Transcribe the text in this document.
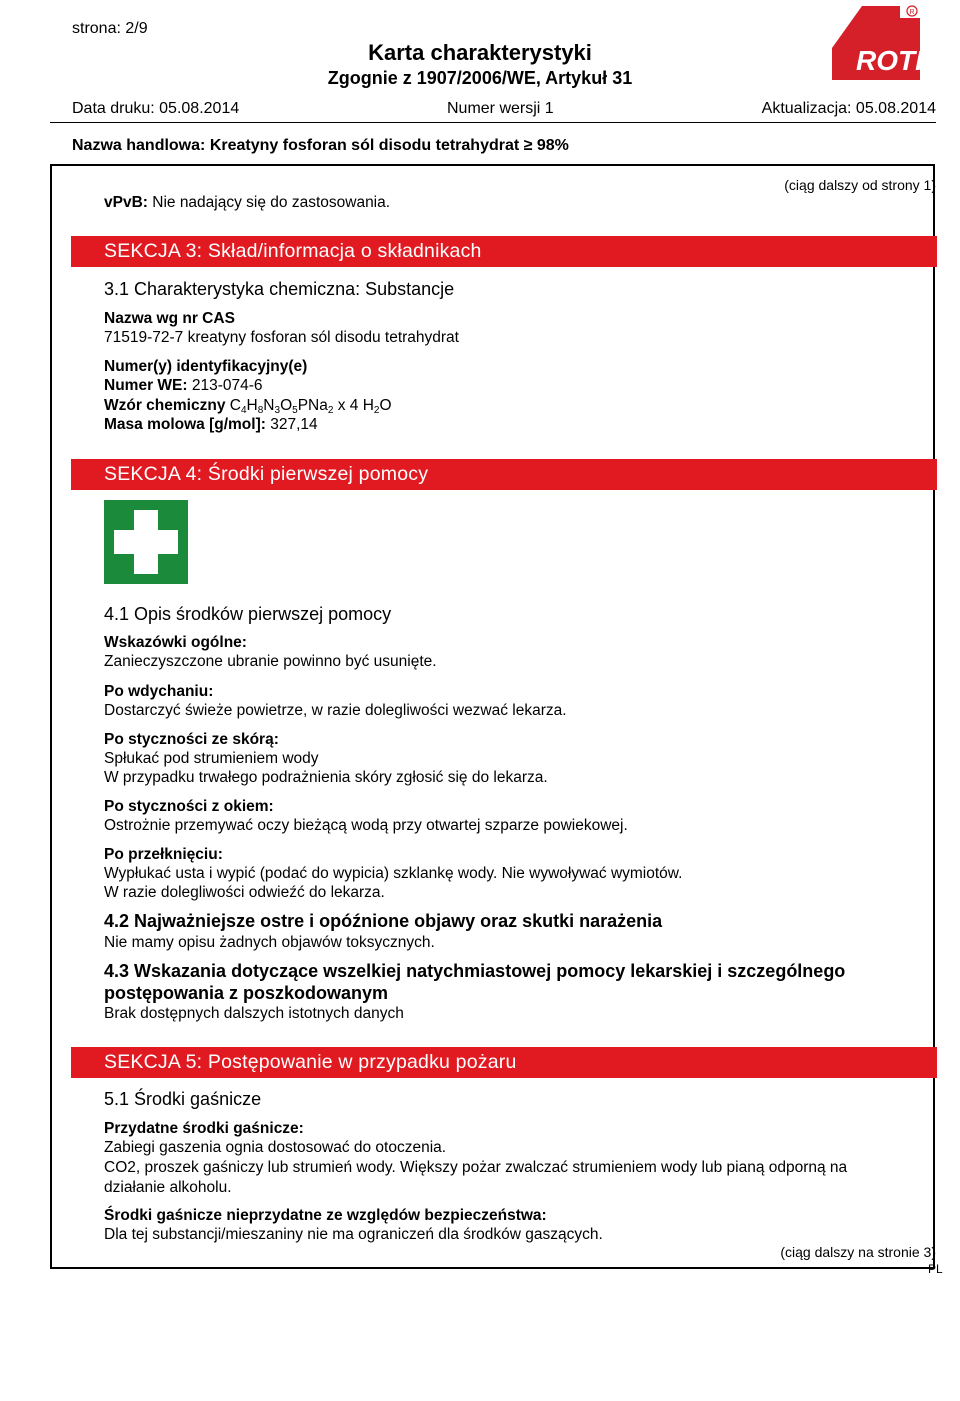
strona: 2/9
Karta charakterystyki
Zgognie z 1907/2006/WE, Artykuł 31
ROTH
R
Data druku: 05.08.2014	Numer wersji 1	Aktualizacja: 05.08.2014
Nazwa handlowa: Kreatyny fosforan sól disodu tetrahydrat ≥ 98%
(ciąg dalszy od strony 1)
vPvB: Nie nadający się do zastosowania.
SEKCJA 3: Skład/informacja o składnikach
3.1 Charakterystyka chemiczna: Substancje
Nazwa wg nr CAS
71519-72-7 kreatyny fosforan sól disodu tetrahydrat
Numer(y) identyfikacyjny(e)
Numer WE: 213-074-6
Wzór chemiczny $C_4H_8N_3O_5PNa_2$ x 4 $H_2O$
Masa molowa [g/mol]: 327,14
SEKCJA 4: Środki pierwszej pomocy
4.1 Opis środków pierwszej pomocy
Wskazówki ogólne:
Zanieczyszczone ubranie powinno być usunięte.
Po wdychaniu:
Dostarczyć świeże powietrze, w razie dolegliwości wezwać lekarza.
Po styczności ze skórą:
Spłukać pod strumieniem wody
W przypadku trwałego podrażnienia skóry zgłosić się do lekarza.
Po styczności z okiem:
Ostrożnie przemywać oczy bieżącą wodą przy otwartej szparze powiekowej.
Po przełknięciu:
Wypłukać usta i wypić (podać do wypicia) szklankę wody. Nie wywoływać wymiotów.
W razie dolegliwości odwieźć do lekarza.
4.2 Najważniejsze ostre i opóźnione objawy oraz skutki narażenia
Nie mamy opisu żadnych objawów toksycznych.
4.3 Wskazania dotyczące wszelkiej natychmiastowej pomocy lekarskiej i szczególnego
postępowania z poszkodowanym
Brak dostępnych dalszych istotnych danych
SEKCJA 5: Postępowanie w przypadku pożaru
5.1 Środki gaśnicze
Przydatne środki gaśnicze:
Zabiegi gaszenia ognia dostosować do otoczenia.
CO2, proszek gaśniczy lub strumień wody. Większy pożar zwalczać strumieniem wody lub pianą odporną na
działanie alkoholu.
Środki gaśnicze nieprzydatne ze względów bezpieczeństwa:
Dla tej substancji/mieszaniny nie ma ograniczeń dla środków gaszących.
(ciąg dalszy na stronie 3)
PL
